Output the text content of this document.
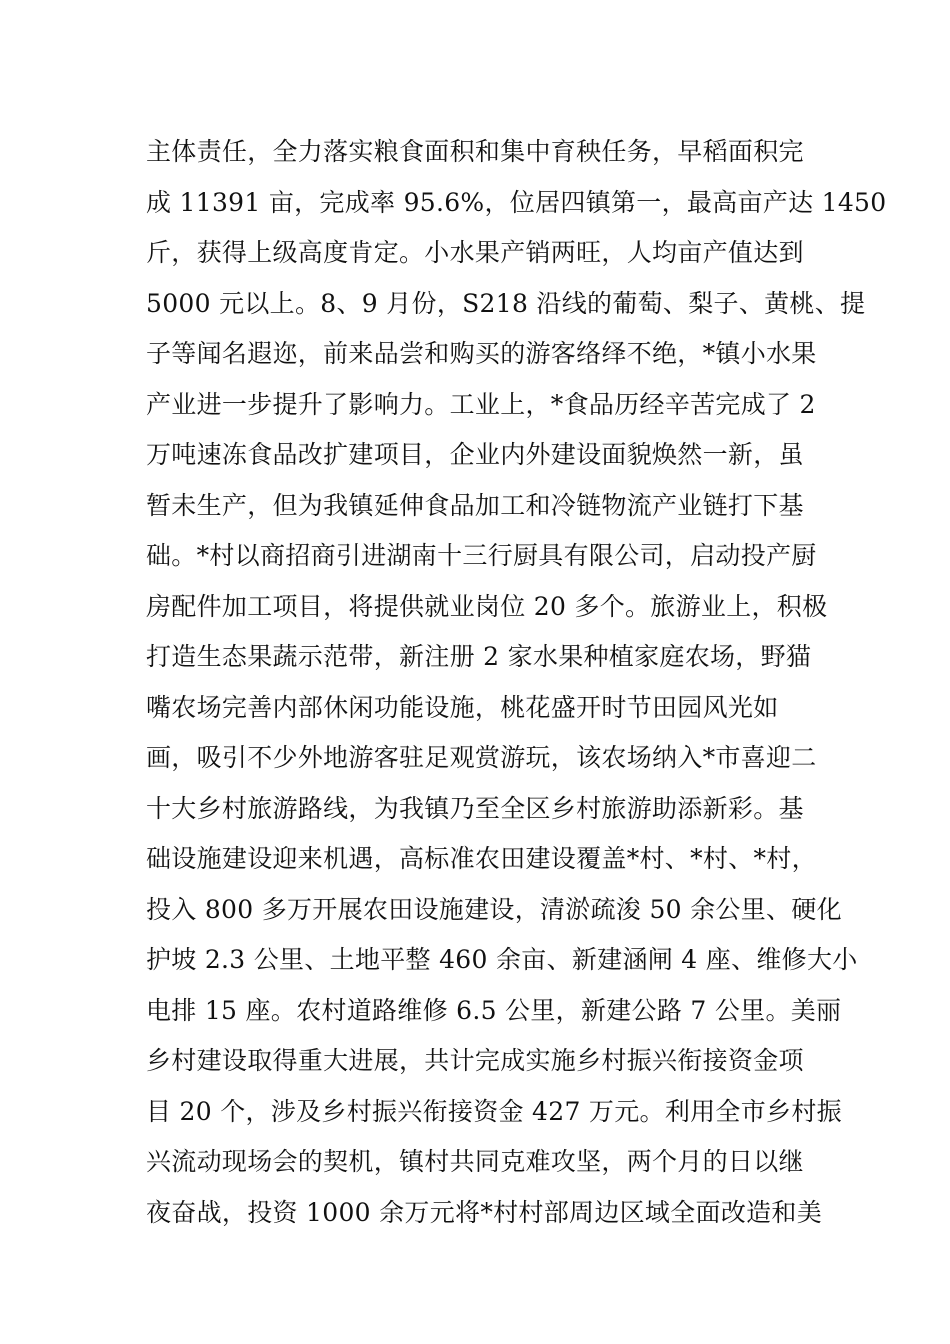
主体责任，全力落实粮食面积和集中育秧任务，早稻面积完
成 11391 亩，完成率 95.6%，位居四镇第一，最高亩产达 1450
斤，获得上级高度肯定。小水果产销两旺，人均亩产值达到
5000 元以上。8、9 月份，S218 沿线的葡萄、梨子、黄桃、提
子等闻名遐迩，前来品尝和购买的游客络绎不绝，*镇小水果
产业进一步提升了影响力。工业上，*食品历经辛苦完成了 2
万吨速冻食品改扩建项目，企业内外建设面貌焕然一新，虽
暂未生产，但为我镇延伸食品加工和冷链物流产业链打下基
础。*村以商招商引进湖南十三行厨具有限公司，启动投产厨
房配件加工项目，将提供就业岗位 20 多个。旅游业上，积极
打造生态果蔬示范带，新注册 2 家水果种植家庭农场，野猫
嘴农场完善内部休闲功能设施，桃花盛开时节田园风光如
画，吸引不少外地游客驻足观赏游玩，该农场纳入*市喜迎二
十大乡村旅游路线，为我镇乃至全区乡村旅游助添新彩。基
础设施建设迎来机遇，高标准农田建设覆盖*村、*村、*村，
投入 800 多万开展农田设施建设，清淤疏浚 50 余公里、硬化
护坡 2.3 公里、土地平整 460 余亩、新建涵闸 4 座、维修大小
电排 15 座。农村道路维修 6.5 公里，新建公路 7 公里。美丽
乡村建设取得重大进展，共计完成实施乡村振兴衔接资金项
目 20 个，涉及乡村振兴衔接资金 427 万元。利用全市乡村振
兴流动现场会的契机，镇村共同克难攻坚，两个月的日以继
夜奋战，投资 1000 余万元将*村村部周边区域全面改造和美
